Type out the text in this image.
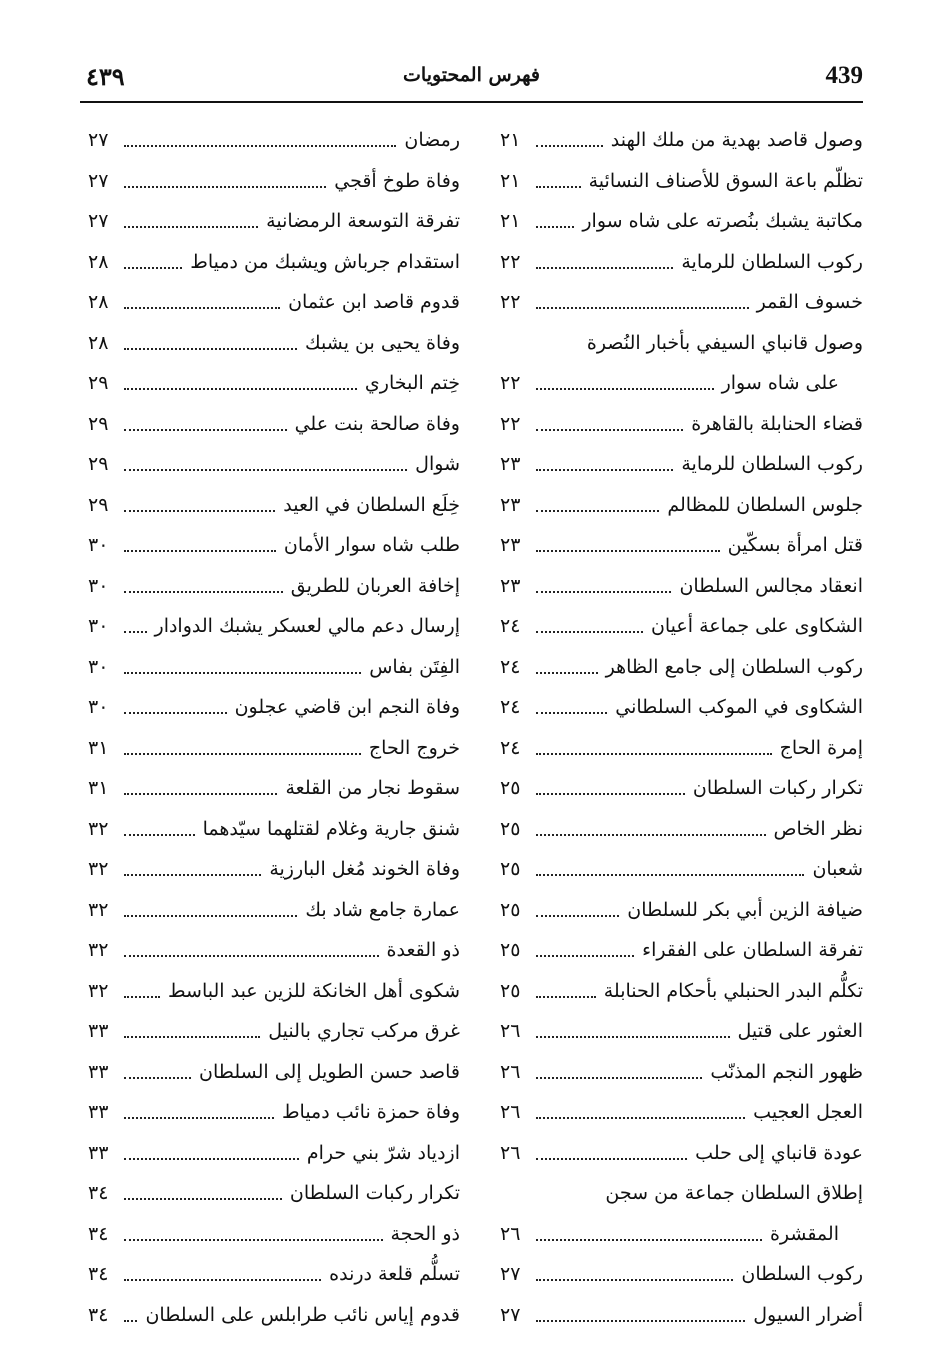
439
فهرس المحتويات
٤٣٩
وصول قاصد بهدية من ملك الهند
٢١
تظلّم باعة السوق للأصناف النسائية
٢١
مكاتبة يشبك بنُصرته على شاه سوار
٢١
ركوب السلطان للرماية
٢٢
خسوف القمر
٢٢
وصول قانباي السيفي بأخبار النُصرة
على شاه سوار
٢٢
قضاء الحنابلة بالقاهرة
٢٢
ركوب السلطان للرماية
٢٣
جلوس السلطان للمظالم
٢٣
قتل امرأة بسكّين
٢٣
انعقاد مجالس السلطان
٢٣
الشكاوى على جماعة أعيان
٢٤
ركوب السلطان إلى جامع الظاهر
٢٤
الشكاوى في الموكب السلطاني
٢٤
إمرة الحاج
٢٤
تكرار ركبات السلطان
٢٥
نظر الخاص
٢٥
شعبان
٢٥
ضيافة الزين أبي بكر للسلطان
٢٥
تفرقة السلطان على الفقراء
٢٥
تكلُّم البدر الحنبلي بأحكام الحنابلة
٢٥
العثور على قتيل
٢٦
ظهور النجم المذنّب
٢٦
العجل العجيب
٢٦
عودة قانباي إلى حلب
٢٦
إطلاق السلطان جماعة من سجن
المقشرة
٢٦
ركوب السلطان
٢٧
أضرار السيول
٢٧
رمضان
٢٧
وفاة طوخ أقجي
٢٧
تفرقة التوسعة الرمضانية
٢٧
استقدام جرباش ويشبك من دمياط
٢٨
قدوم قاصد ابن عثمان
٢٨
وفاة يحيى بن يشبك
٢٨
خِتم البخاري
٢٩
وفاة صالحة بنت علي
٢٩
شوال
٢٩
خِلَع السلطان في العيد
٢٩
طلب شاه سوار الأمان
٣٠
إخافة العربان للطريق
٣٠
إرسال دعم مالي لعسكر يشبك الدوادار
٣٠
الفِتَن بفاس
٣٠
وفاة النجم ابن قاضي عجلون
٣٠
خروج الحاج
٣١
سقوط نجار من القلعة
٣١
شنق جارية وغلام لقتلهما سيّدهما
٣٢
وفاة الخوند مُغل البارزية
٣٢
عمارة جامع شاد بك
٣٢
ذو القعدة
٣٢
شكوى أهل الخانكة للزين عبد الباسط
٣٢
غرق مركب تجاري بالنيل
٣٣
قاصد حسن الطويل إلى السلطان
٣٣
وفاة حمزة نائب دمياط
٣٣
ازدياد شرّ بني حرام
٣٣
تكرار ركبات السلطان
٣٤
ذو الحجة
٣٤
تسلُّم قلعة درنده
٣٤
قدوم إياس نائب طرابلس على السلطان
٣٤
